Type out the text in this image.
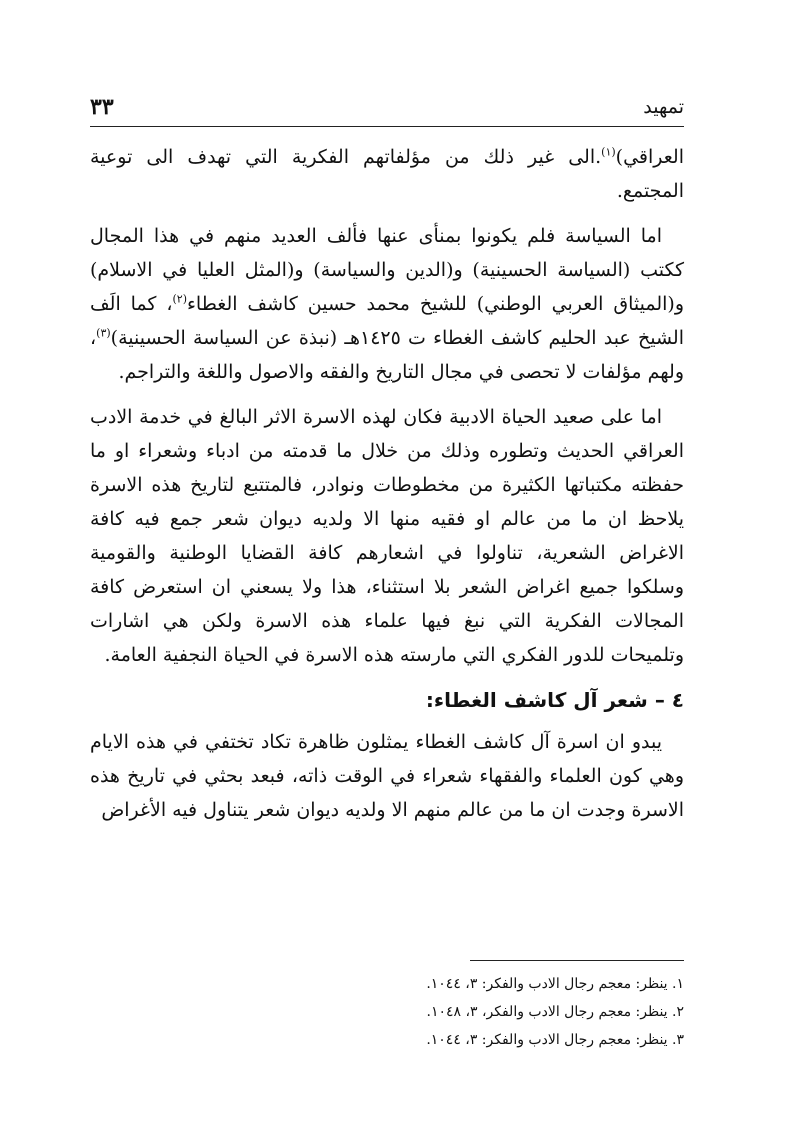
تمهيد
٣٣

العراقي)$^{(١)}$.الى غير ذلك من مؤلفاتهم الفكرية التي تهدف الى توعية المجتمع.

اما السياسة فلم يكونوا بمنأى عنها فألف العديد منهم في هذا المجال ككتب (السياسة الحسينية) و(الدين والسياسة) و(المثل العليا في الاسلام) و(الميثاق العربي الوطني) للشيخ محمد حسين كاشف الغطاء$^{(٢)}$، كما الَف الشيخ عبد الحليم كاشف الغطاء ت ١٤٢٥هـ (نبذة عن السياسة الحسينية)$^{(٣)}$، ولهم مؤلفات لا تحصى في مجال التاريخ والفقه والاصول واللغة والتراجم.

اما على صعيد الحياة الادبية فكان لهذه الاسرة الاثر البالغ في خدمة الادب العراقي الحديث وتطوره وذلك من خلال ما قدمته من ادباء وشعراء او ما حفظته مكتباتها الكثيرة من مخطوطات ونوادر، فالمتتبع لتاريخ هذه الاسرة يلاحظ ان ما من عالم او فقيه منها الا ولديه ديوان شعر جمع فيه كافة الاغراض الشعرية، تناولوا في اشعارهم كافة القضايا الوطنية والقومية وسلكوا جميع اغراض الشعر بلا استثناء، هذا ولا يسعني ان استعرض كافة المجالات الفكرية التي نبغ فيها علماء هذه الاسرة ولكن هي اشارات وتلميحات للدور الفكري التي مارسته هذه الاسرة في الحياة النجفية العامة.

٤ – شعر آل كاشف الغطاء:

يبدو ان اسرة آل كاشف الغطاء يمثلون ظاهرة تكاد تختفي في هذه الايام وهي كون العلماء والفقهاء شعراء في الوقت ذاته، فبعد بحثي في تاريخ هذه الاسرة وجدت ان ما من عالم منهم الا ولديه ديوان شعر يتناول فيه الأغراض

١. ينظر: معجم رجال الادب والفكر: ٣، ١٠٤٤.
٢. ينظر: معجم رجال الادب والفكر، ٣، ١٠٤٨.
٣. ينظر: معجم رجال الادب والفكر: ٣، ١٠٤٤.
